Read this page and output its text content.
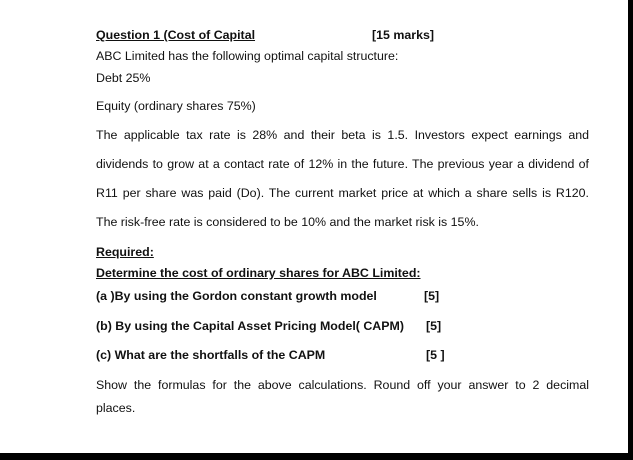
Question 1 (Cost of Capital	[15 marks]
ABC Limited has the following optimal capital structure:
Debt 25%
Equity (ordinary shares 75%)
The applicable tax rate is 28% and their beta is 1.5. Investors expect earnings and
dividends to grow at a contact rate of 12% in the future. The previous year a dividend of
R11 per share was paid (Do). The current market price at which a share sells is R120.
The risk-free rate is considered to be 10% and the market risk is 15%.
Required:
Determine the cost of ordinary shares for ABC Limited:
(a )By using the Gordon constant growth model	[5]
(b) By using the Capital Asset Pricing Model( CAPM) [5]
(c) What are the shortfalls of the CAPM	[5 ]
Show the formulas for the above calculations. Round off your answer to 2 decimal
places.
